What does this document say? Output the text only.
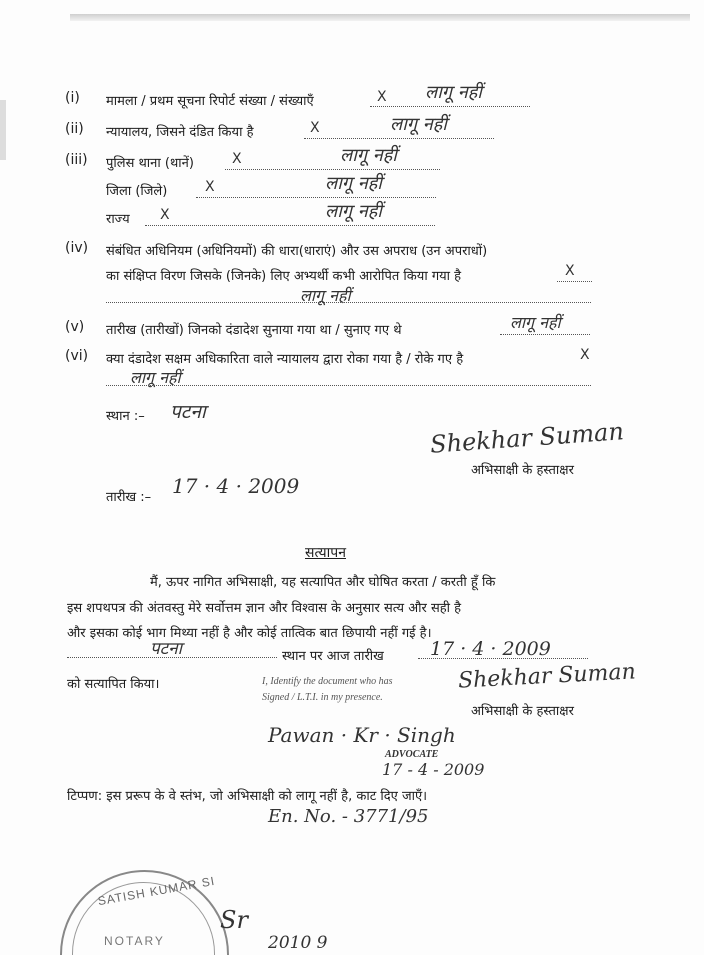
(i) मामला / प्रथम सूचना रिपोर्ट संख्या / संख्याएँ	X लागू नहीं
(ii) न्यायालय, जिसने दंडित किया है	X	लागू नहीं
(iii) पुलिस थाना (थानें)	X	लागू नहीं
जिला (जिले)	X	लागू नहीं
राज्य X	लागू नहीं
(iv) संबंधित अधिनियम (अधिनियमों) की धारा(धाराएं) और उस अपराध (उन अपराधों)
का संक्षिप्त विरण जिसके (जिनके) लिए अभ्यर्थी कभी आरोपित किया गया है	X
लागू नहीं
(v) तारीख (तारीखों) जिनको दंडादेश सुनाया गया था / सुनाए गए थे	लागू नहीं
(vi) क्या दंडादेश सक्षम अधिकारिता वाले न्यायालय द्वारा रोका गया है / रोके गए है	X
लागू नहीं
स्थान :– पटना
Shekhar Suman
अभिसाक्षी के हस्ताक्षर
तारीख :– 17 · 4 · 2009
सत्यापन
मैं, ऊपर नागित अभिसाक्षी, यह सत्यापित और घोषित करता / करती हूँ कि
इस शपथपत्र की अंतवस्तु मेरे सर्वोत्तम ज्ञान और विश्वास के अनुसार सत्य और सही है
और इसका कोई भाग मिथ्या नहीं है और कोई तात्विक बात छिपायी नहीं गई है।
पटना	स्थान पर आज तारीख 17 · 4 · 2009
को सत्यापित किया।	I, Identify the document who has
Signed / L.T.I. in my presence.
Shekhar Suman
अभिसाक्षी के हस्ताक्षर
Pawan · Kr · Singh
ADVOCATE
17 - 4 - 2009
टिप्पण: इस प्ररूप के वे स्तंभ, जो अभिसाक्षी को लागू नहीं है, काट दिए जाएँ।
En. No. - 3771/95
SATISH KUMAR SI
NOTARY
Sr
2010 9
